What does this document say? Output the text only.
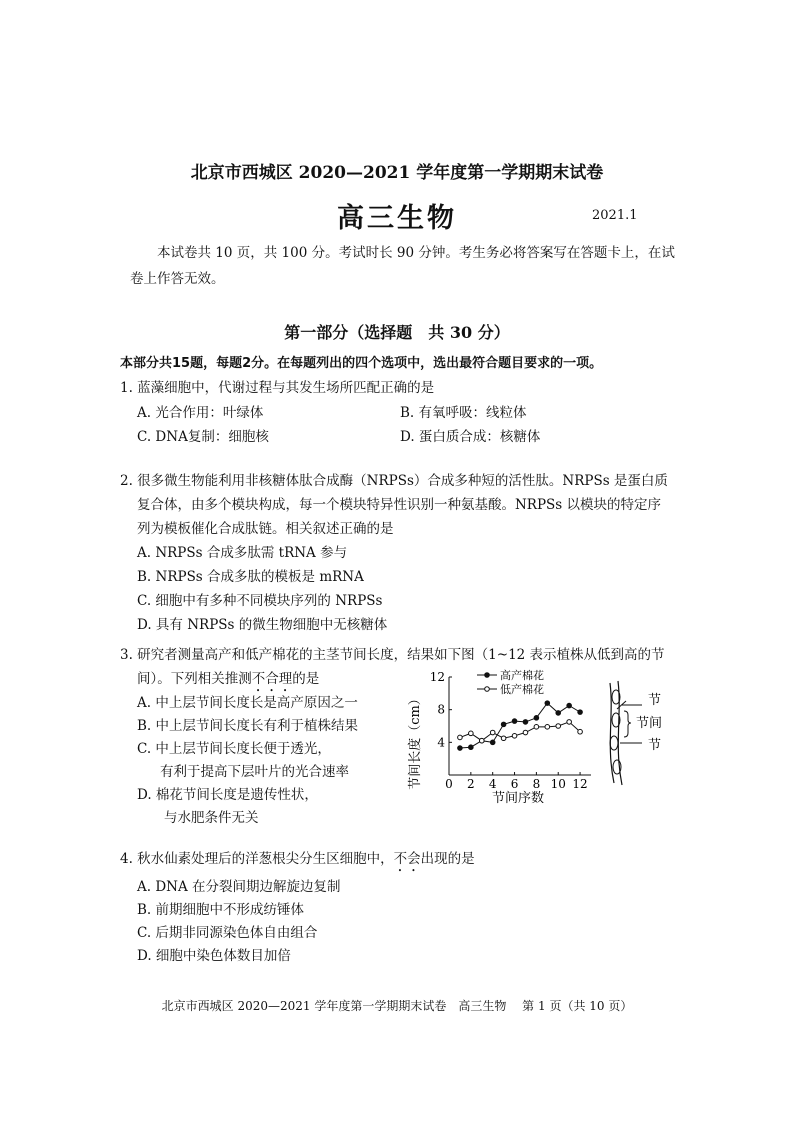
北京市西城区 2020—2021 学年度第一学期期末试卷
高三生物	2021.1
本试卷共 10 页，共 100 分。考试时长 90 分钟。考生务必将答案写在答题卡上，在试卷上作答无效。
第一部分（选择题　共 30 分）
本部分共15题，每题2分。在每题列出的四个选项中，选出最符合题目要求的一项。
1. 蓝藻细胞中，代谢过程与其发生场所匹配正确的是
A. 光合作用：叶绿体	B. 有氧呼吸：线粒体
C. DNA复制：细胞核	D. 蛋白质合成：核糖体
2. 很多微生物能利用非核糖体肽合成酶（NRPSs）合成多种短的活性肽。NRPSs 是蛋白质
复合体，由多个模块构成，每一个模块特异性识别一种氨基酸。NRPSs 以模块的特定序
列为模板催化合成肽链。相关叙述正确的是
A. NRPSs 合成多肽需 tRNA 参与
B. NRPSs 合成多肽的模板是 mRNA
C. 细胞中有多种不同模块序列的 NRPSs
D. 具有 NRPSs 的微生物细胞中无核糖体
3. 研究者测量高产和低产棉花的主茎节间长度，结果如下图（1~12 表示植株从低到高的节
间）。下列相关推测不合理的是
A. 中上层节间长度长是高产原因之一
B. 中上层节间长度长有利于植株结果
C. 中上层节间长度长便于透光，
有利于提高下层叶片的光合速率
D. 棉花节间长度是遗传性状，
与水肥条件无关
0 2 4 6 8 10 12
4
8
12	高产棉花
低产棉花
节间长度（cm）
节间序数
节
节间
节
4. 秋水仙素处理后的洋葱根尖分生区细胞中，不会出现的是
A. DNA 在分裂间期边解旋边复制
B. 前期细胞中不形成纺锤体
C. 后期非同源染色体自由组合
D. 细胞中染色体数目加倍
北京市西城区 2020—2021 学年度第一学期期末试卷　高三生物　 第 1 页（共 10 页）
